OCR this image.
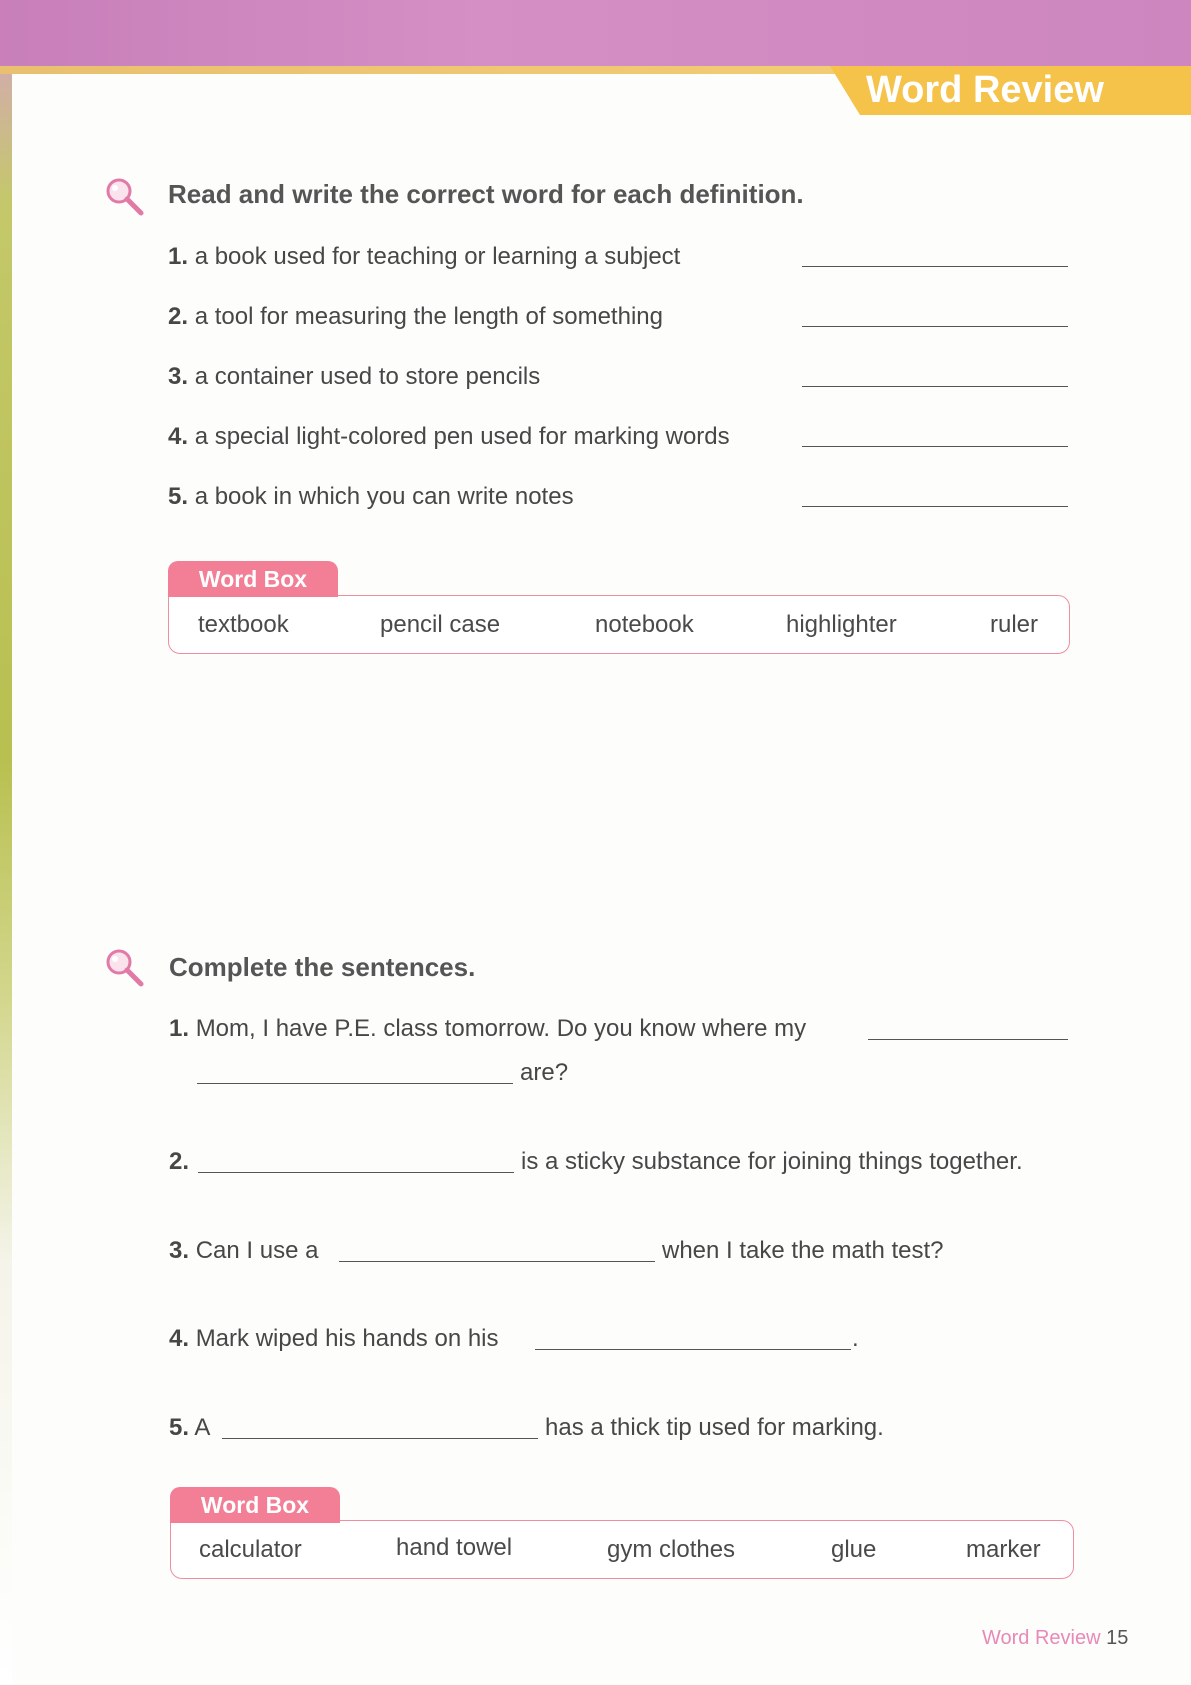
Word Review
Read and write the correct word for each definition.
1. a book used for teaching or learning a subject
2. a tool for measuring the length of something
3. a container used to store pencils
4. a special light-colored pen used for marking words
5. a book in which you can write notes
Word Box
textbook	pencil case	notebook	highlighter	ruler
Complete the sentences.
1. Mom, I have P.E. class tomorrow. Do you know where my
are?
2.	is a sticky substance for joining things together.
3. Can I use a	when I take the math test?
4. Mark wiped his hands on his	.
5. A	has a thick tip used for marking.
Word Box
calculator	hand towel	gym clothes	glue	marker
Word Review 15
